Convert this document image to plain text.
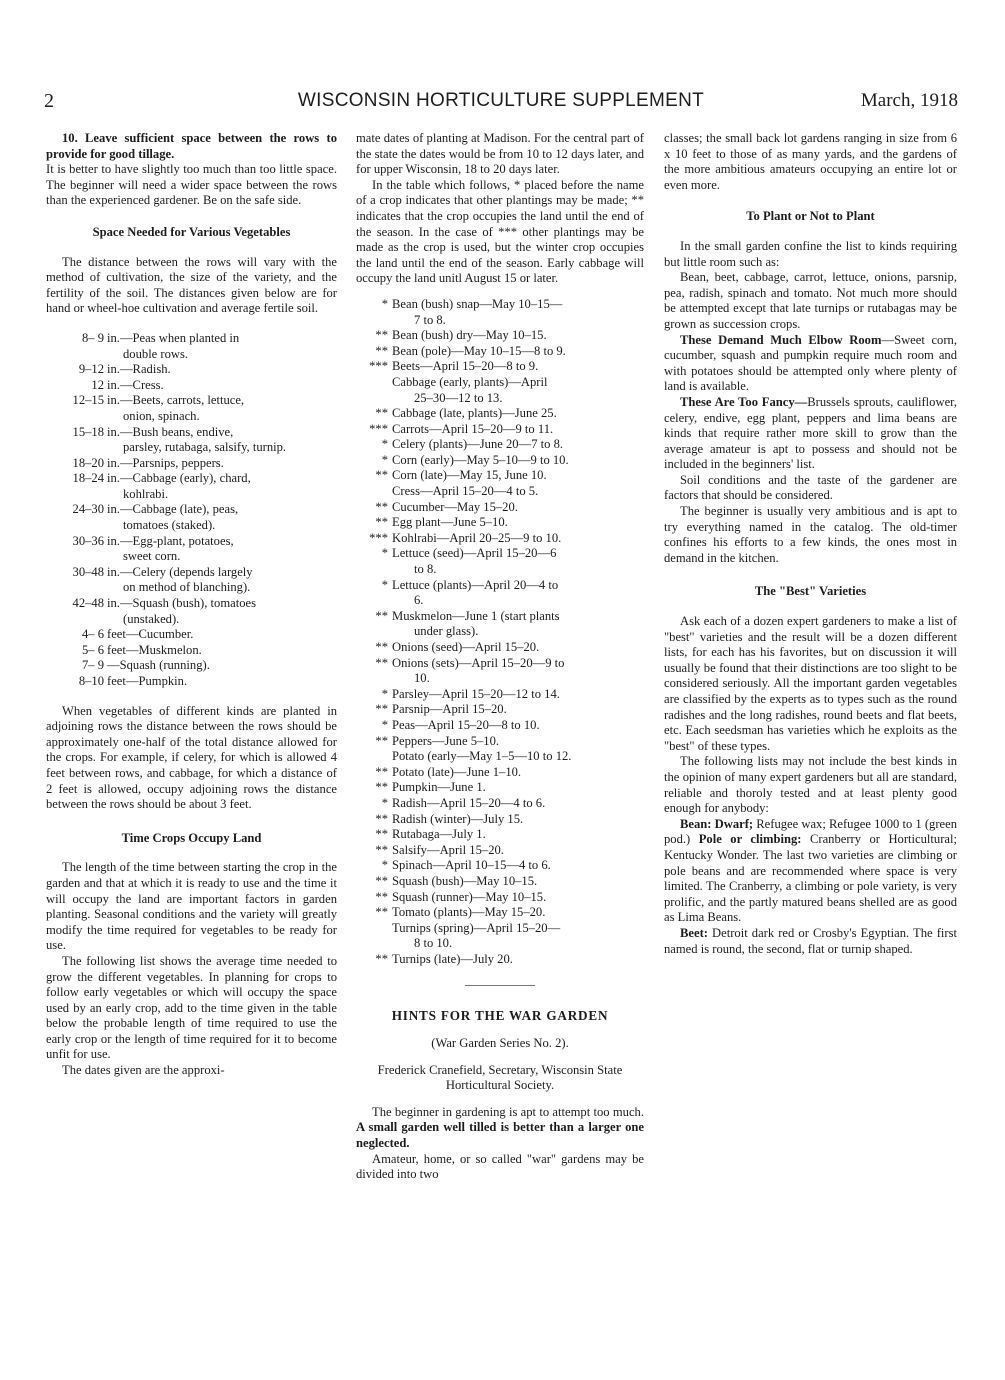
2	WISCONSIN HORTICULTURE SUPPLEMENT	March, 1918

10. Leave sufficient space between the rows to provide for good tillage.

It is better to have slightly too much than too little space. The beginner will need a wider space between the rows than the experienced gardener. Be on the safe side.

Space Needed for Various Vegetables

The distance between the rows will vary with the method of cultivation, the size of the variety, and the fertility of the soil. The distances given below are for hand or wheel-hoe cultivation and average fertile soil.

8– 9 in.—Peas when planted in
double rows.
9–12 in.—Radish.
12 in.—Cress.
12–15 in.—Beets, carrots, lettuce,
onion, spinach.
15–18 in.—Bush beans, endive,
parsley, rutabaga, salsify, turnip.
18–20 in.—Parsnips, peppers.
18–24 in.—Cabbage (early), chard,
kohlrabi.
24–30 in.—Cabbage (late), peas,
tomatoes (staked).
30–36 in.—Egg-plant, potatoes,
sweet corn.
30–48 in.—Celery (depends largely
on method of blanching).
42–48 in.—Squash (bush), tomatoes
(unstaked).
4– 6 feet—Cucumber.
5– 6 feet—Muskmelon.
7– 9 —Squash (running).
8–10 feet—Pumpkin.

When vegetables of different kinds are planted in adjoining rows the distance between the rows should be approximately one-half of the total distance allowed for the crops. For example, if celery, for which is allowed 4 feet between rows, and cabbage, for which a distance of 2 feet is allowed, occupy adjoining rows the distance between the rows should be about 3 feet.

Time Crops Occupy Land

The length of the time between starting the crop in the garden and that at which it is ready to use and the time it will occupy the land are important factors in garden planting. Seasonal conditions and the variety will greatly modify the time required for vegetables to be ready for use.

The following list shows the average time needed to grow the different vegetables. In planning for crops to follow early vegetables or which will occupy the space used by an early crop, add to the time given in the table below the probable length of time required to use the early crop or the length of time required for it to become unfit for use.

The dates given are the approxi-

mate dates of planting at Madison. For the central part of the state the dates would be from 10 to 12 days later, and for upper Wisconsin, 18 to 20 days later.

In the table which follows, * placed before the name of a crop indicates that other plantings may be made; ** indicates that the crop occupies the land until the end of the season. In the case of *** other plantings may be made as the crop is used, but the winter crop occupies the land until the end of the season. Early cabbage will occupy the land unitl August 15 or later.

* Bean (bush) snap—May 10–15—
7 to 8.
** Bean (bush) dry—May 10–15.
** Bean (pole)—May 10–15—8 to 9.
*** Beets—April 15–20—8 to 9.
Cabbage (early, plants)—April
25–30—12 to 13.
** Cabbage (late, plants)—June 25.
*** Carrots—April 15–20—9 to 11.
* Celery (plants)—June 20—7 to 8.
* Corn (early)—May 5–10—9 to 10.
** Corn (late)—May 15, June 10.
Cress—April 15–20—4 to 5.
** Cucumber—May 15–20.
** Egg plant—June 5–10.
*** Kohlrabi—April 20–25—9 to 10.
* Lettuce (seed)—April 15–20—6
to 8.
* Lettuce (plants)—April 20—4 to
6.
** Muskmelon—June 1 (start plants
under glass).
** Onions (seed)—April 15–20.
** Onions (sets)—April 15–20—9 to
10.
* Parsley—April 15–20—12 to 14.
** Parsnip—April 15–20.
* Peas—April 15–20—8 to 10.
** Peppers—June 5–10.
Potato (early—May 1–5—10 to 12.
** Potato (late)—June 1–10.
** Pumpkin—June 1.
* Radish—April 15–20—4 to 6.
** Radish (winter)—July 15.
** Rutabaga—July 1.
** Salsify—April 15–20.
* Spinach—April 10–15—4 to 6.
** Squash (bush)—May 10–15.
** Squash (runner)—May 10–15.
** Tomato (plants)—May 15–20.
Turnips (spring)—April 15–20—
8 to 10.
** Turnips (late)—July 20.
HINTS FOR THE WAR GARDEN
(War Garden Series No. 2).
Frederick Cranefield, Secretary, Wisconsin State Horticultural Society.

The beginner in gardening is apt to attempt too much. A small garden well tilled is better than a larger one neglected.

Amateur, home, or so called "war" gardens may be divided into two

classes; the small back lot gardens ranging in size from 6 x 10 feet to those of as many yards, and the gardens of the more ambitious amateurs occupying an entire lot or even more.

To Plant or Not to Plant

In the small garden confine the list to kinds requiring but little room such as:

Bean, beet, cabbage, carrot, lettuce, onions, parsnip, pea, radish, spinach and tomato. Not much more should be attempted except that late turnips or rutabagas may be grown as succession crops.

These Demand Much Elbow Room—Sweet corn, cucumber, squash and pumpkin require much room and with potatoes should be attempted only where plenty of land is available.

These Are Too Fancy—Brussels sprouts, cauliflower, celery, endive, egg plant, peppers and lima beans are kinds that require rather more skill to grow than the average amateur is apt to possess and should not be included in the beginners' list.

Soil conditions and the taste of the gardener are factors that should be considered.

The beginner is usually very ambitious and is apt to try everything named in the catalog. The old-timer confines his efforts to a few kinds, the ones most in demand in the kitchen.

The "Best" Varieties

Ask each of a dozen expert gardeners to make a list of "best" varieties and the result will be a dozen different lists, for each has his favorites, but on discussion it will usually be found that their distinctions are too slight to be considered seriously. All the important garden vegetables are classified by the experts as to types such as the round radishes and the long radishes, round beets and flat beets, etc. Each seedsman has varieties which he exploits as the "best" of these types.

The following lists may not include the best kinds in the opinion of many expert gardeners but all are standard, reliable and thoroly tested and at least plenty good enough for anybody:

Bean: Dwarf; Refugee wax; Refugee 1000 to 1 (green pod.) Pole or climbing: Cranberry or Horticultural; Kentucky Wonder. The last two varieties are climbing or pole beans and are recommended where space is very limited. The Cranberry, a climbing or pole variety, is very prolific, and the partly matured beans shelled are as good as Lima Beans.

Beet: Detroit dark red or Crosby's Egyptian. The first named is round, the second, flat or turnip shaped.
